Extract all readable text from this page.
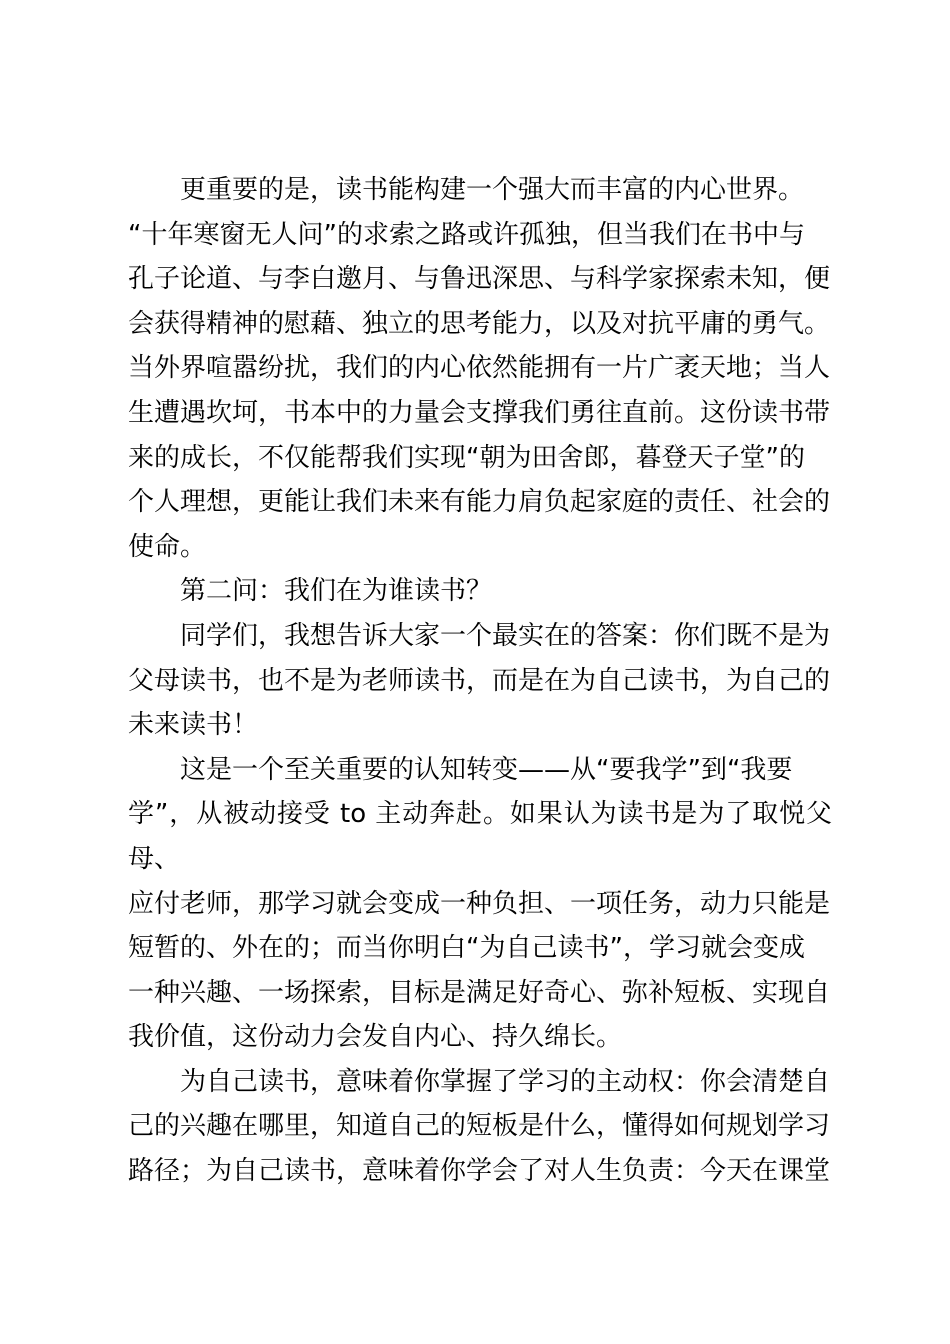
更重要的是，读书能构建一个强大而丰富的内心世界。
“十年寒窗无人问”的求索之路或许孤独，但当我们在书中与
孔子论道、与李白邀月、与鲁迅深思、与科学家探索未知，便
会获得精神的慰藉、独立的思考能力，以及对抗平庸的勇气。
当外界喧嚣纷扰，我们的内心依然能拥有一片广袤天地；当人
生遭遇坎坷，书本中的力量会支撑我们勇往直前。这份读书带
来的成长，不仅能帮我们实现“朝为田舍郎，暮登天子堂”的
个人理想，更能让我们未来有能力肩负起家庭的责任、社会的
使命。

第二问：我们在为谁读书？

同学们，我想告诉大家一个最实在的答案：你们既不是为
父母读书，也不是为老师读书，而是在为自己读书，为自己的
未来读书！

这是一个至关重要的认知转变——从“要我学”到“我要
学”，从被动接受 to 主动奔赴。如果认为读书是为了取悦父母、
应付老师，那学习就会变成一种负担、一项任务，动力只能是
短暂的、外在的；而当你明白“为自己读书”，学习就会变成
一种兴趣、一场探索，目标是满足好奇心、弥补短板、实现自
我价值，这份动力会发自内心、持久绵长。

为自己读书，意味着你掌握了学习的主动权：你会清楚自
己的兴趣在哪里，知道自己的短板是什么，懂得如何规划学习
路径；为自己读书，意味着你学会了对人生负责：今天在课堂
